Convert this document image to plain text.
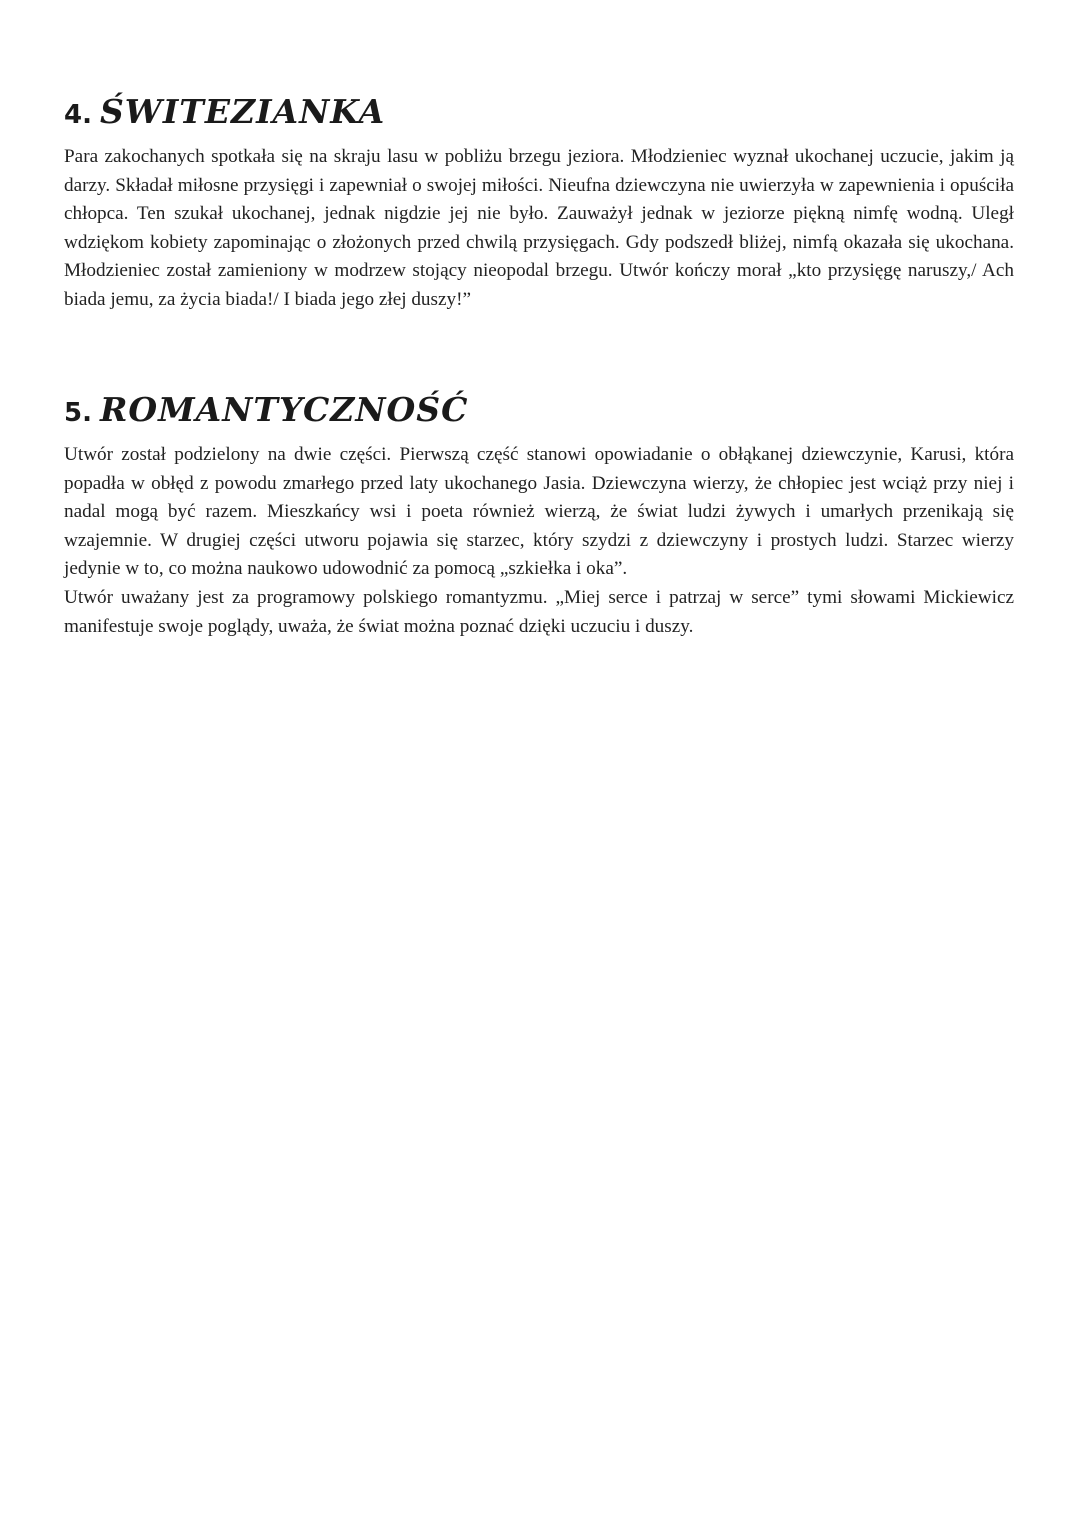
4. ŚWITEZIANKA

Para zakochanych spotkała się na skraju lasu w pobliżu brzegu jeziora. Młodzieniec wyznał ukochanej uczucie, jakim ją darzy. Składał miłosne przysięgi i zapewniał o swojej miłości. Nieufna dziewczyna nie uwierzyła w zapewnienia i opuściła chłopca. Ten szukał ukochanej, jednak nigdzie jej nie było. Zauważył jednak w jeziorze piękną nimfę wodną. Uległ wdziękom kobiety zapominając o złożonych przed chwilą przysięgach. Gdy podszedł bliżej, nimfą okazała się ukochana. Młodzieniec został zamieniony w modrzew stojący nieopodal brzegu. Utwór kończy morał „kto przysięgę naruszy,/ Ach biada jemu, za życia biada!/ I biada jego złej duszy!”

5. ROMANTYCZNOŚĆ

Utwór został podzielony na dwie części. Pierwszą część stanowi opowiadanie o obłąkanej dziewczynie, Karusi, która popadła w obłęd z powodu zmarłego przed laty ukochanego Jasia. Dziewczyna wierzy, że chłopiec jest wciąż przy niej i nadal mogą być razem. Mieszkańcy wsi i poeta również wierzą, że świat ludzi żywych i umarłych przenikają się wzajemnie. W drugiej części utworu pojawia się starzec, który szydzi z dziewczyny i prostych ludzi. Starzec wierzy jedynie w to, co można naukowo udowodnić za pomocą „szkiełka i oka”.

Utwór uważany jest za programowy polskiego romantyzmu. „Miej serce i patrzaj w serce” tymi słowami Mickiewicz manifestuje swoje poglądy, uważa, że świat można poznać dzięki uczuciu i duszy.
